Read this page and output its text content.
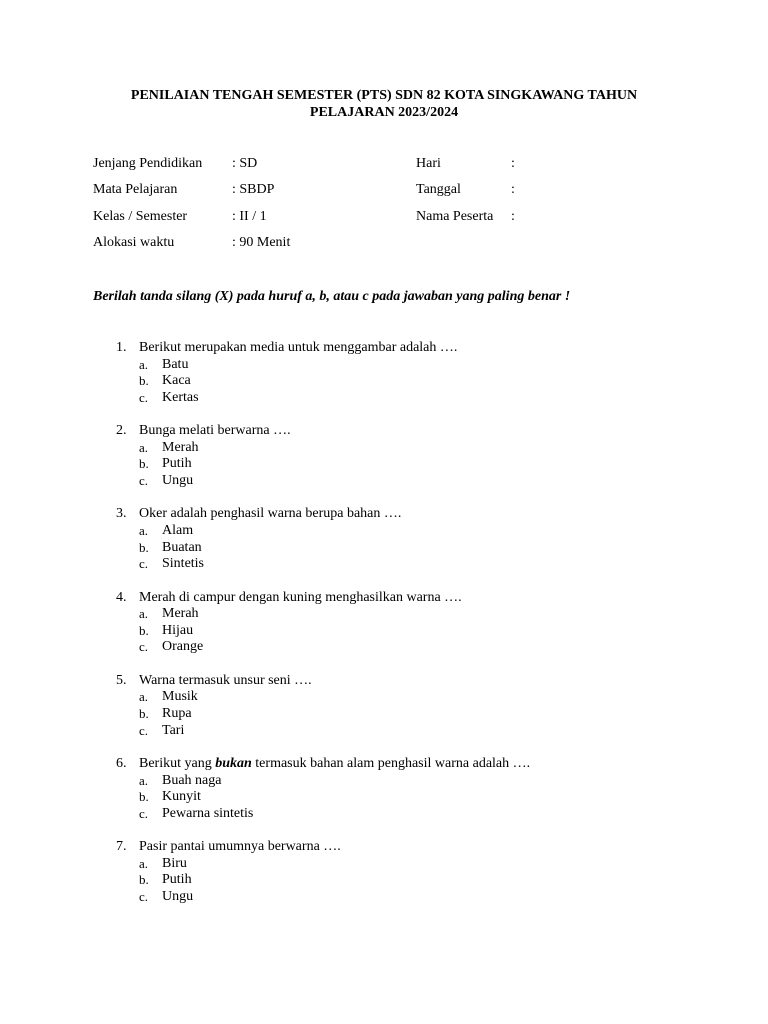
PENILAIAN TENGAH SEMESTER (PTS) SDN 82 KOTA SINGKAWANG TAHUN
PELAJARAN 2023/2024
Jenjang Pendidikan : SD	Hari	:
Mata Pelajaran	: SBDP	Tanggal	:
Kelas / Semester	: II / 1	Nama Peserta :
Alokasi waktu	: 90 Menit
Berilah tanda silang (X) pada huruf a, b, atau c pada jawaban yang paling benar !
1. Berikut merupakan media untuk menggambar adalah ….
a. Batu
b. Kaca
c. Kertas
2. Bunga melati berwarna ….
a. Merah
b. Putih
c. Ungu
3. Oker adalah penghasil warna berupa bahan ….
a. Alam
b. Buatan
c. Sintetis
4. Merah di campur dengan kuning menghasilkan warna ….
a. Merah
b. Hijau
c. Orange
5. Warna termasuk unsur seni ….
a. Musik
b. Rupa
c. Tari
6. Berikut yang bukan termasuk bahan alam penghasil warna adalah ….
a. Buah naga
b. Kunyit
c. Pewarna sintetis
7. Pasir pantai umumnya berwarna ….
a. Biru
b. Putih
c. Ungu
